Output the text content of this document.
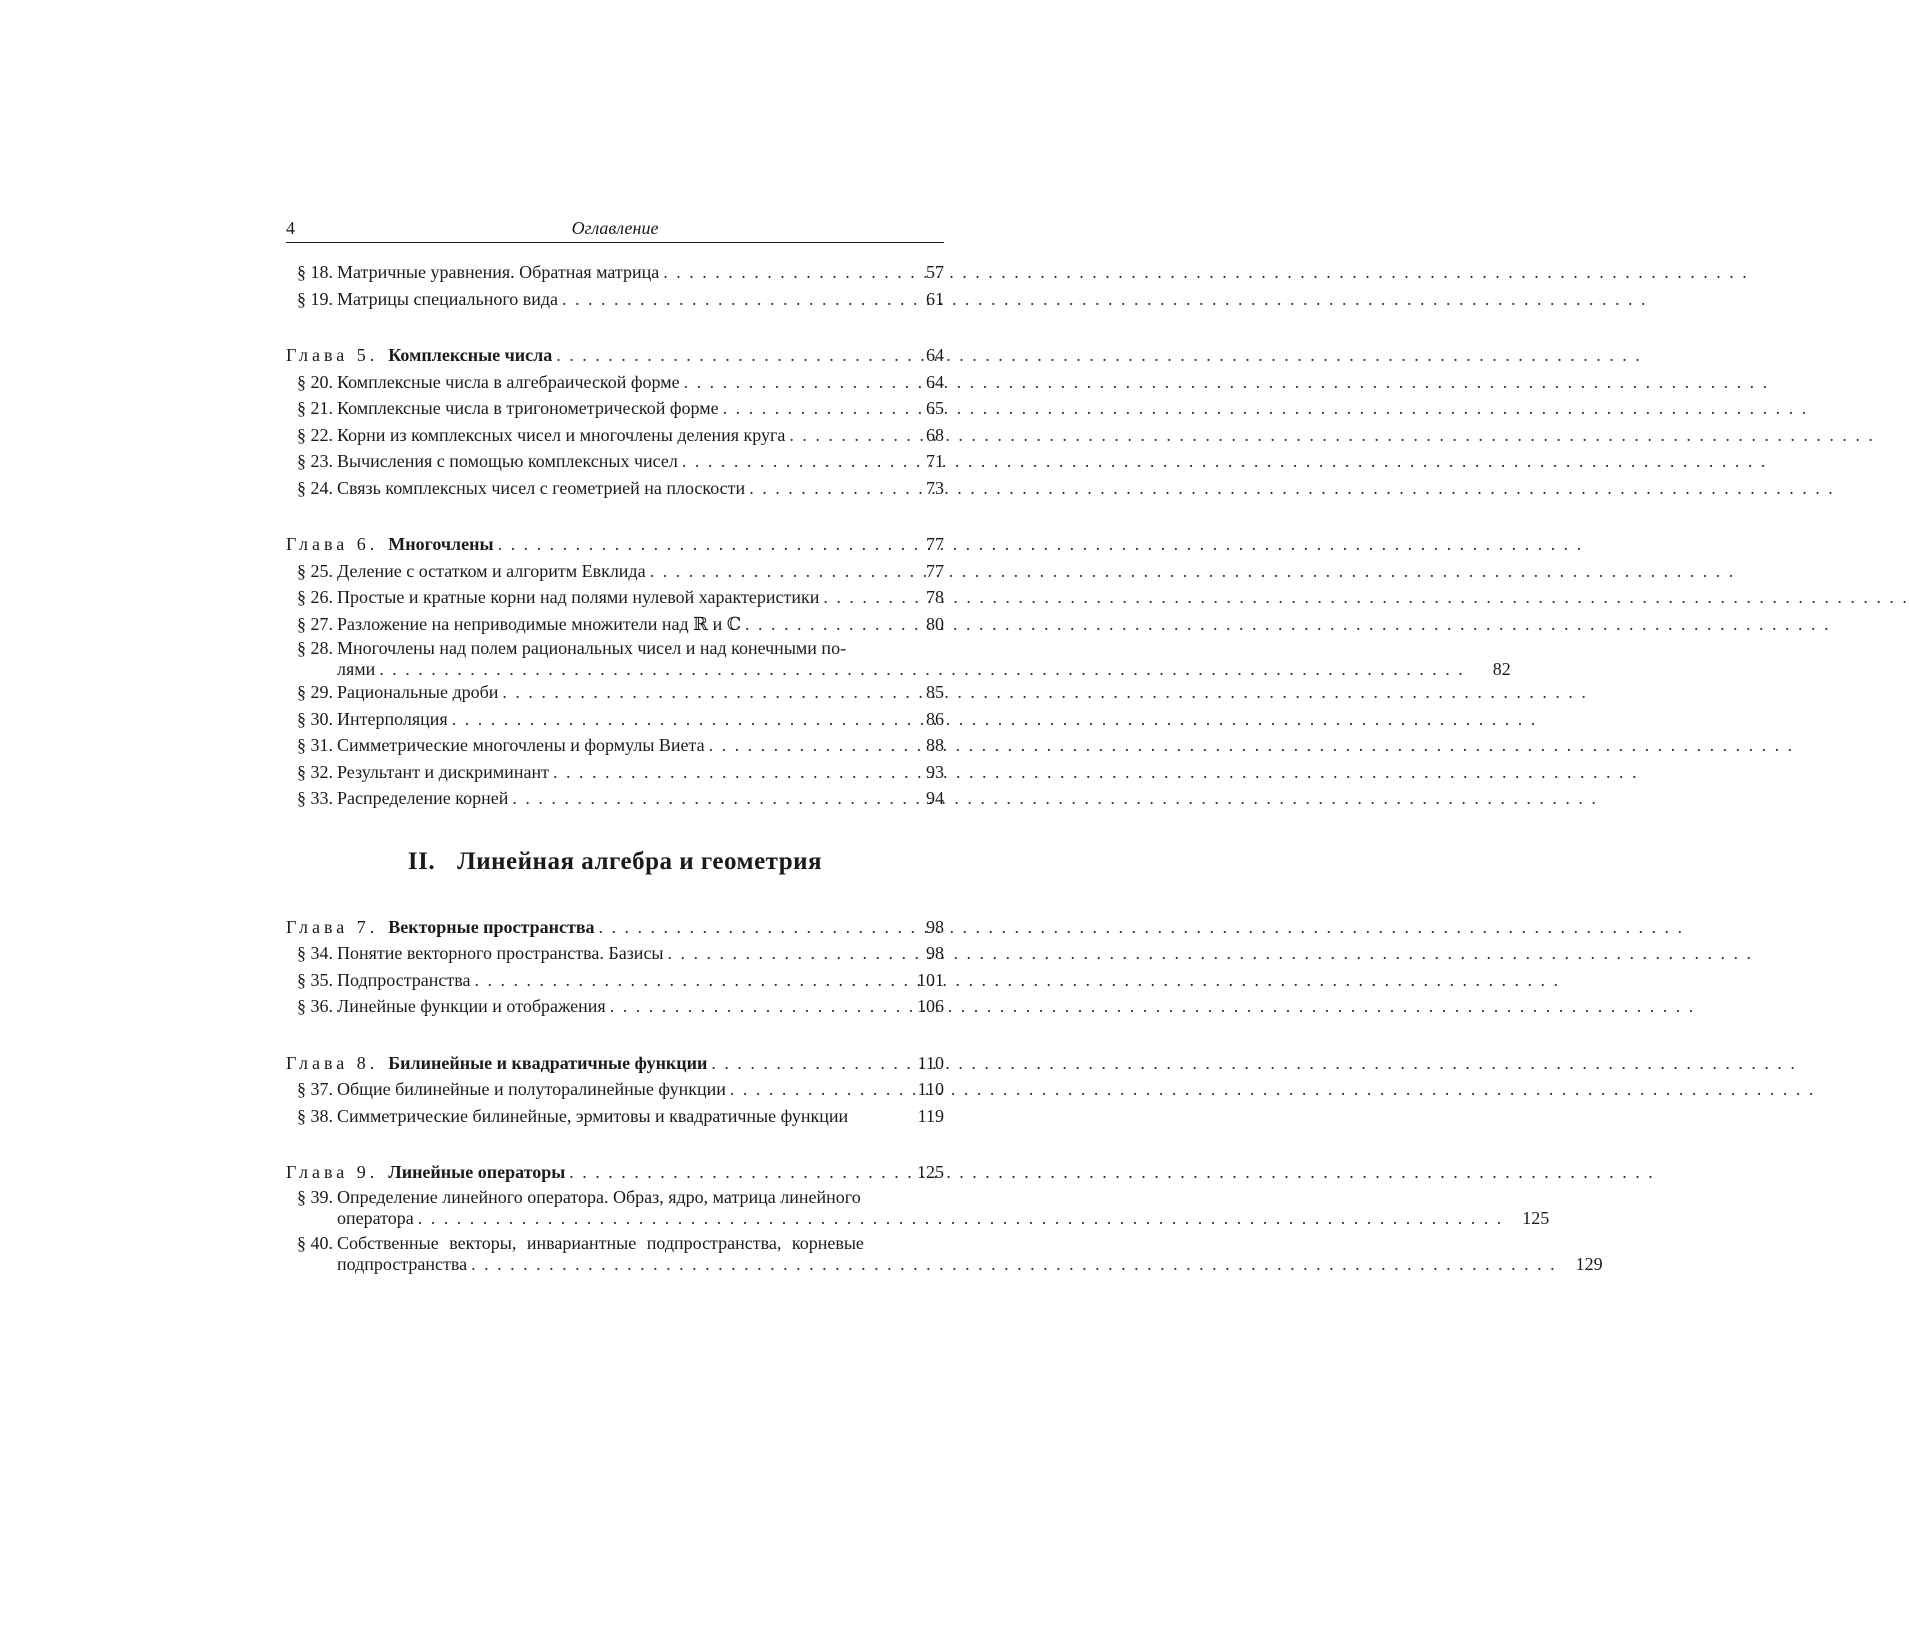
4	Оглавление
§ 18. Матричные уравнения. Обратная матрица . . .	57
§ 19. Матрицы специального вида . . .	61
Глава 5. Комплексные числа . . .	64
§ 20. Комплексные числа в алгебраической форме . . .	64
§ 21. Комплексные числа в тригонометрической форме . . .	65
§ 22. Корни из комплексных чисел и многочлены деления круга . . .	68
§ 23. Вычисления с помощью комплексных чисел . . .	71
§ 24. Связь комплексных чисел с геометрией на плоскости . . .	73
Глава 6. Многочлены . . .	77
§ 25. Деление с остатком и алгоритм Евклида . . .	77
§ 26. Простые и кратные корни над полями нулевой характеристики . . .	78
§ 27. Разложение на неприводимые множители над ℝ и ℂ . . .	80
§ 28. Многочлены над полем рациональных чисел и над конечными по-
лями . . .	82
§ 29. Рациональные дроби . . .	85
§ 30. Интерполяция . . .	86
§ 31. Симметрические многочлены и формулы Виета . . .	88
§ 32. Результант и дискриминант . . .	93
§ 33. Распределение корней . . .	94
II. Линейная алгебра и геометрия
Глава 7. Векторные пространства . . .	98
§ 34. Понятие векторного пространства. Базисы . . .	98
§ 35. Подпространства . . .	101
§ 36. Линейные функции и отображения . . .	106
Глава 8. Билинейные и квадратичные функции . . .	110
§ 37. Общие билинейные и полуторалинейные функции . . .	110
§ 38. Симметрические билинейные, эрмитовы и квадратичные функции	119
Глава 9. Линейные операторы . . .	125
§ 39. Определение линейного оператора. Образ, ядро, матрица линейного
оператора . . .	125
§ 40. Собственные векторы, инвариантные подпространства, корневые
подпространства . . .	129
